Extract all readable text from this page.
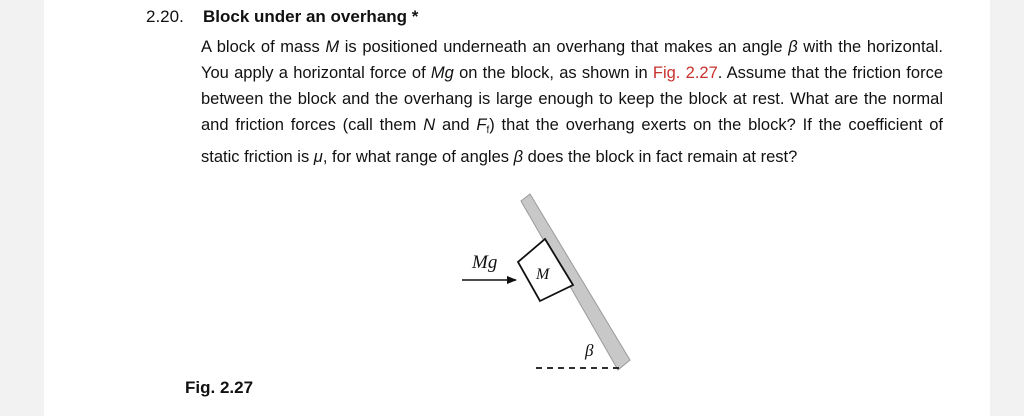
2.20. Block under an overhang *
A block of mass M is positioned underneath an overhang that makes an angle β with the horizontal. You apply a horizontal force of Mg on the block, as shown in Fig. 2.27. Assume that the friction force between the block and the overhang is large enough to keep the block at rest. What are the normal and friction forces (call them N and $F_f$) that the overhang exerts on the block? If the coefficient of static friction is μ, for what range of angles β does the block in fact remain at rest?
M
Mg
β
Fig. 2.27
